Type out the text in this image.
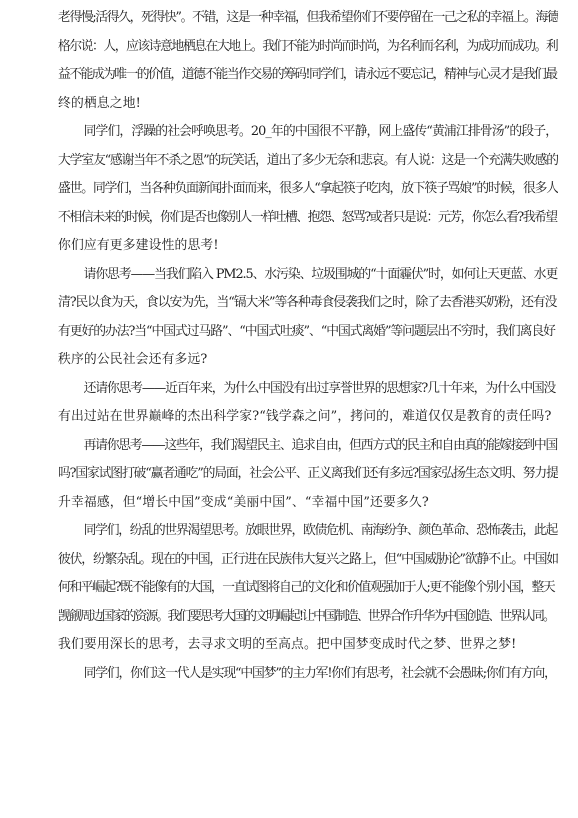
老得慢;活得久，死得快”。不错，这是一种幸福，但我希望你们不要停留在一己之私的幸福上。海德
格尔说：人，应该诗意地栖息在大地上。我们不能为时尚而时尚，为名利而名利，为成功而成功。利
益不能成为唯一的价值，道德不能当作交易的筹码!同学们，请永远不要忘记，精神与心灵才是我们最
终的栖息之地!

同学们，浮躁的社会呼唤思考。20_年的中国很不平静，网上盛传“黄浦江排骨汤”的段子，
大学室友“感谢当年不杀之恩”的玩笑话，道出了多少无奈和悲哀。有人说：这是一个充满失败感的
盛世。同学们，当各种负面新闻扑面而来，很多人“拿起筷子吃肉，放下筷子骂娘”的时候，很多人
不相信未来的时候，你们是否也像别人一样吐槽、抱怨、怒骂?或者只是说：元芳，你怎么看?我希望
你们应有更多建设性的思考!

请你思考——当我们陷入 PM2.5、水污染、垃圾围城的“十面霾伏”时，如何让天更蓝、水更
清?民以食为天，食以安为先，当“镉大米”等各种毒食侵袭我们之时，除了去香港买奶粉，还有没
有更好的办法?当“中国式过马路”、“中国式吐痰”、“中国式离婚”等问题层出不穷时，我们离良好
秩序的公民社会还有多远?

还请你思考——近百年来，为什么中国没有出过享誉世界的思想家?几十年来，为什么中国没
有出过站在世界巅峰的杰出科学家?“钱学森之问”，拷问的，难道仅仅是教育的责任吗?

再请你思考——这些年，我们渴望民主、追求自由，但西方式的民主和自由真的能嫁接到中国
吗?国家试图打破“赢者通吃”的局面，社会公平、正义离我们还有多远?国家弘扬生态文明、努力提
升幸福感，但“增长中国”变成“美丽中国”、“幸福中国”还要多久?

同学们，纷乱的世界渴望思考。放眼世界，欧债危机、南海纷争、颜色革命、恐怖袭击，此起
彼伏，纷繁杂乱。现在的中国，正行进在民族伟大复兴之路上，但“中国威胁论”欲静不止。中国如
何和平崛起?既不能像有的大国，一直试图将自己的文化和价值观强加于人;更不能像个别小国，整天
觊觎周边国家的资源。我们要思考大国的文明崛起!让中国制造、世界合作升华为中国创造、世界认同。
我们要用深长的思考，去寻求文明的至高点。把中国梦变成时代之梦、世界之梦!

同学们，你们这一代人是实现“中国梦”的主力军!你们有思考，社会就不会愚昧;你们有方向，
